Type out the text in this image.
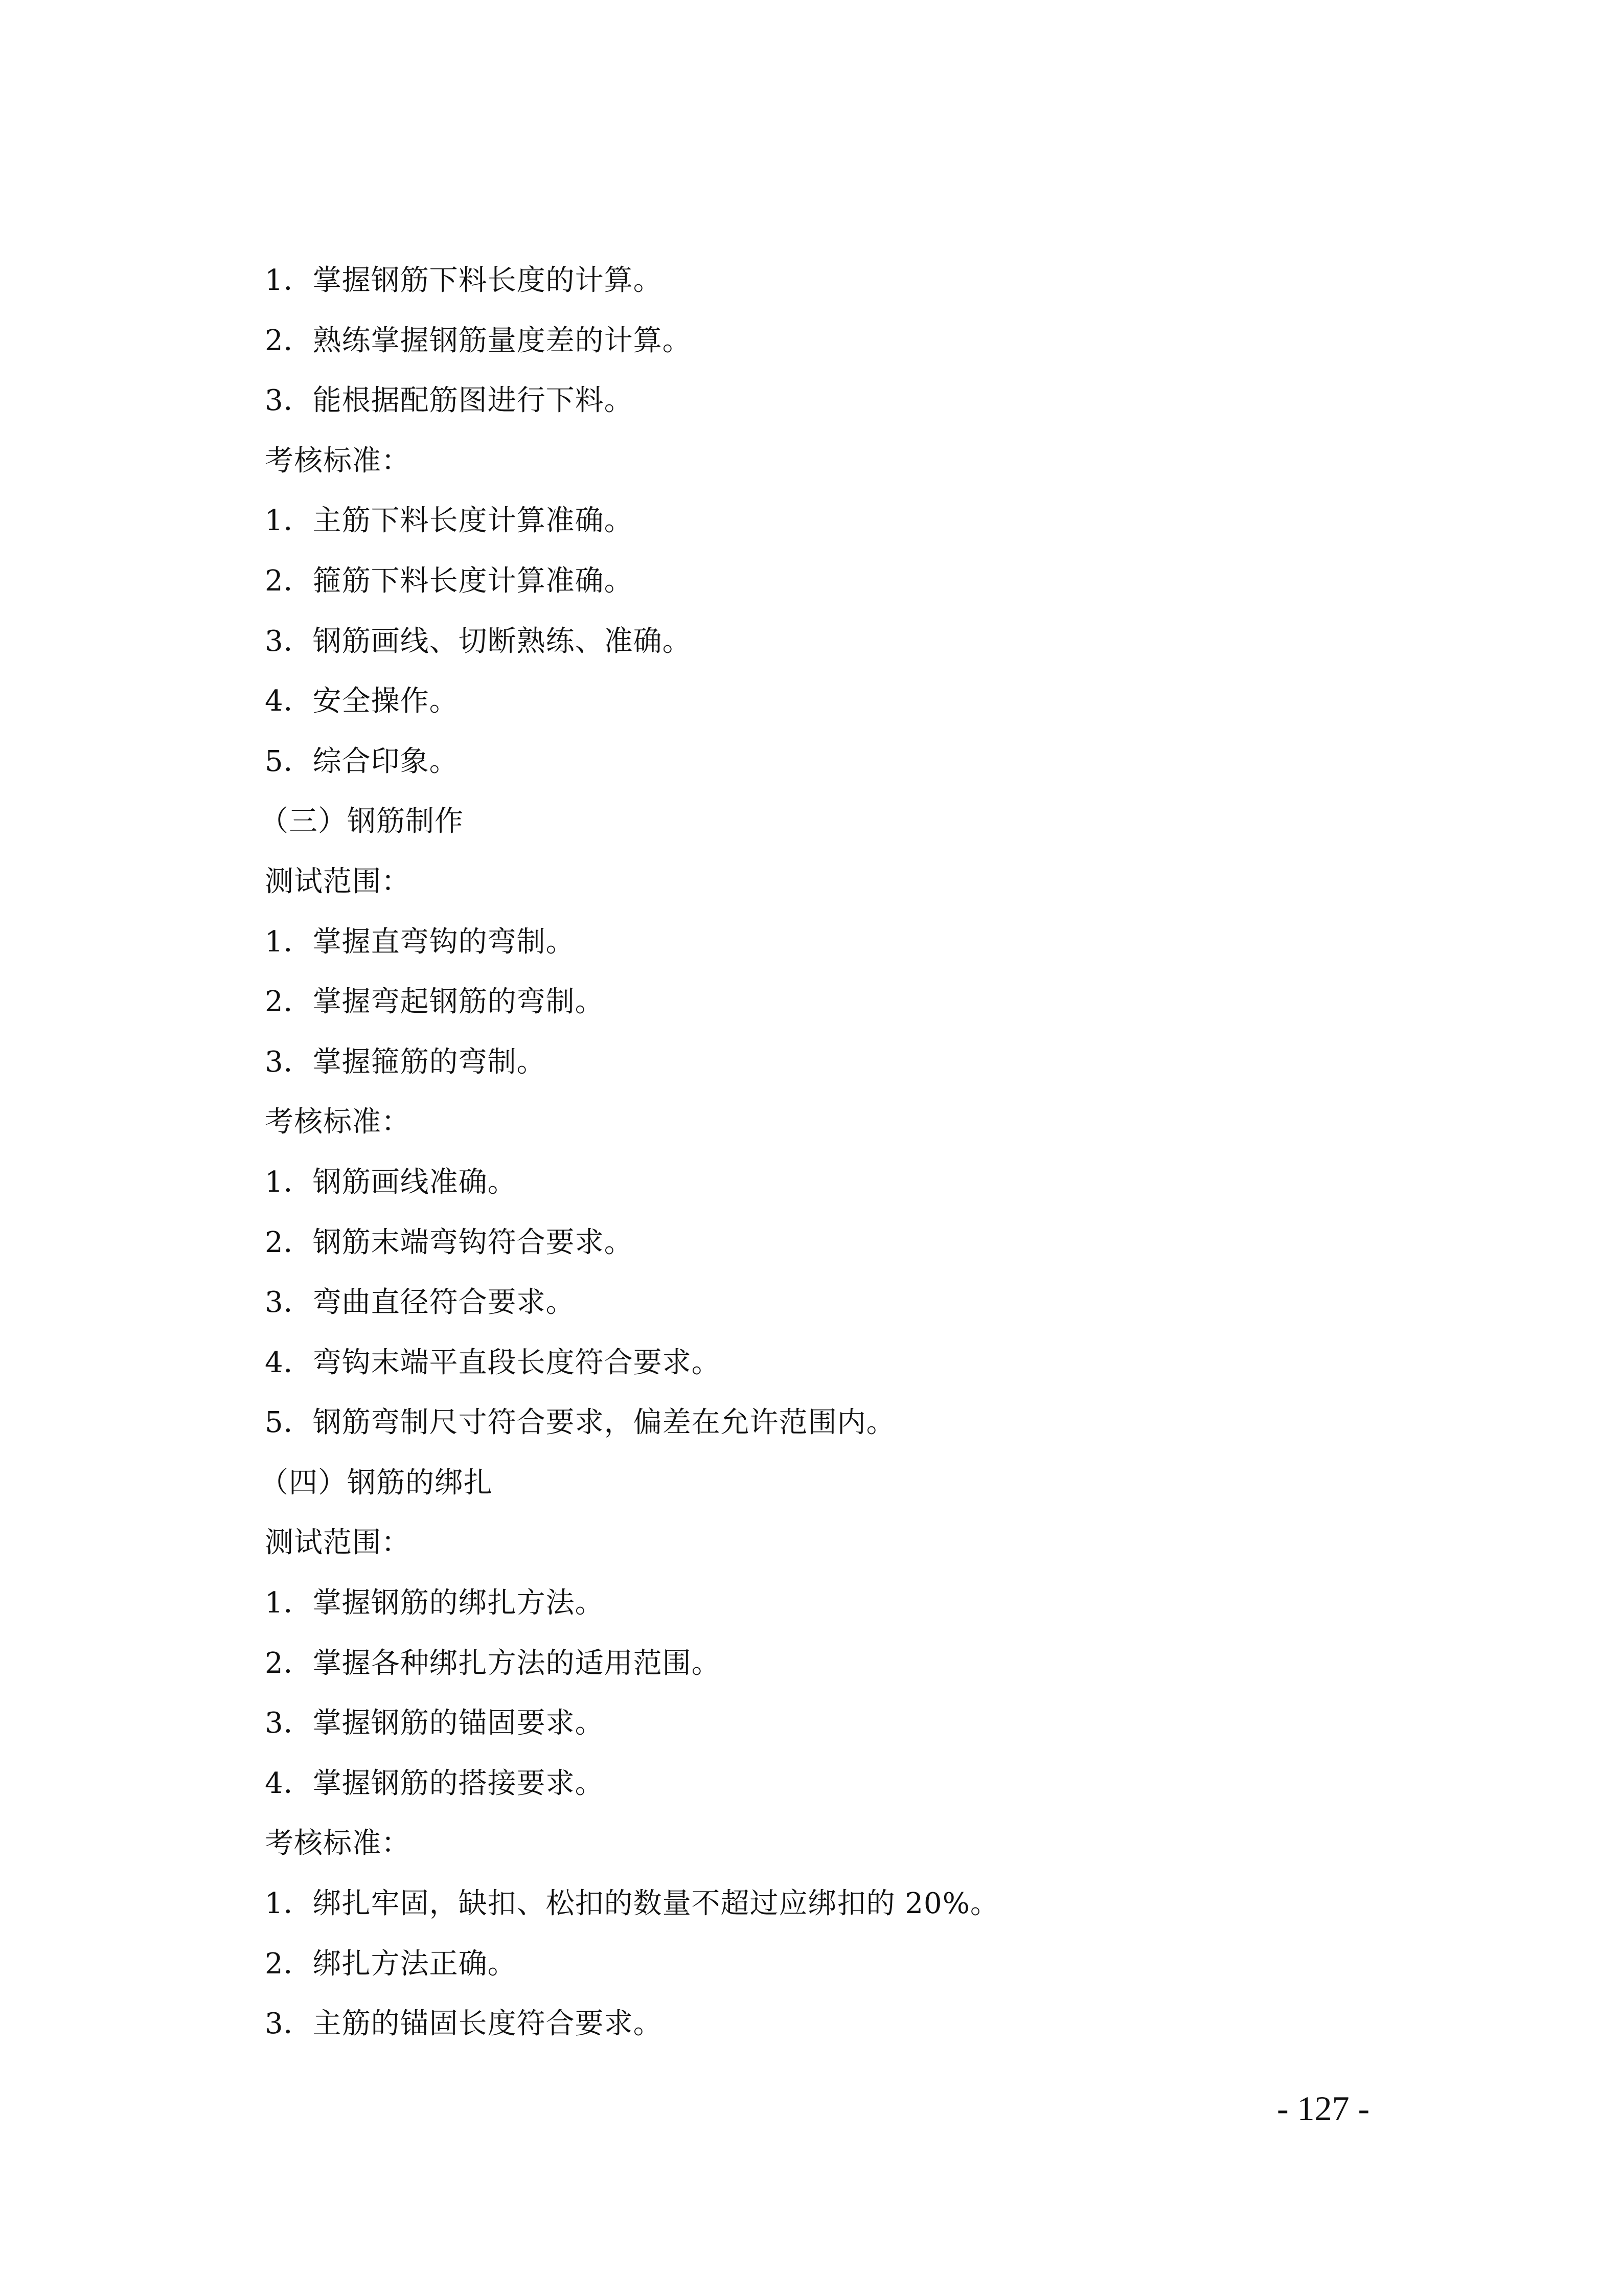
1．掌握钢筋下料长度的计算。
2．熟练掌握钢筋量度差的计算。
3．能根据配筋图进行下料。
考核标准：
1．主筋下料长度计算准确。
2．箍筋下料长度计算准确。
3．钢筋画线、切断熟练、准确。
4．安全操作。
5．综合印象。
（三）钢筋制作
测试范围：
1．掌握直弯钩的弯制。
2．掌握弯起钢筋的弯制。
3．掌握箍筋的弯制。
考核标准：
1．钢筋画线准确。
2．钢筋末端弯钩符合要求。
3．弯曲直径符合要求。
4．弯钩末端平直段长度符合要求。
5．钢筋弯制尺寸符合要求，偏差在允许范围内。
（四）钢筋的绑扎
测试范围：
1．掌握钢筋的绑扎方法。
2．掌握各种绑扎方法的适用范围。
3．掌握钢筋的锚固要求。
4．掌握钢筋的搭接要求。
考核标准：
1．绑扎牢固，缺扣、松扣的数量不超过应绑扣的 20%。
2．绑扎方法正确。
3．主筋的锚固长度符合要求。
- 127 -
